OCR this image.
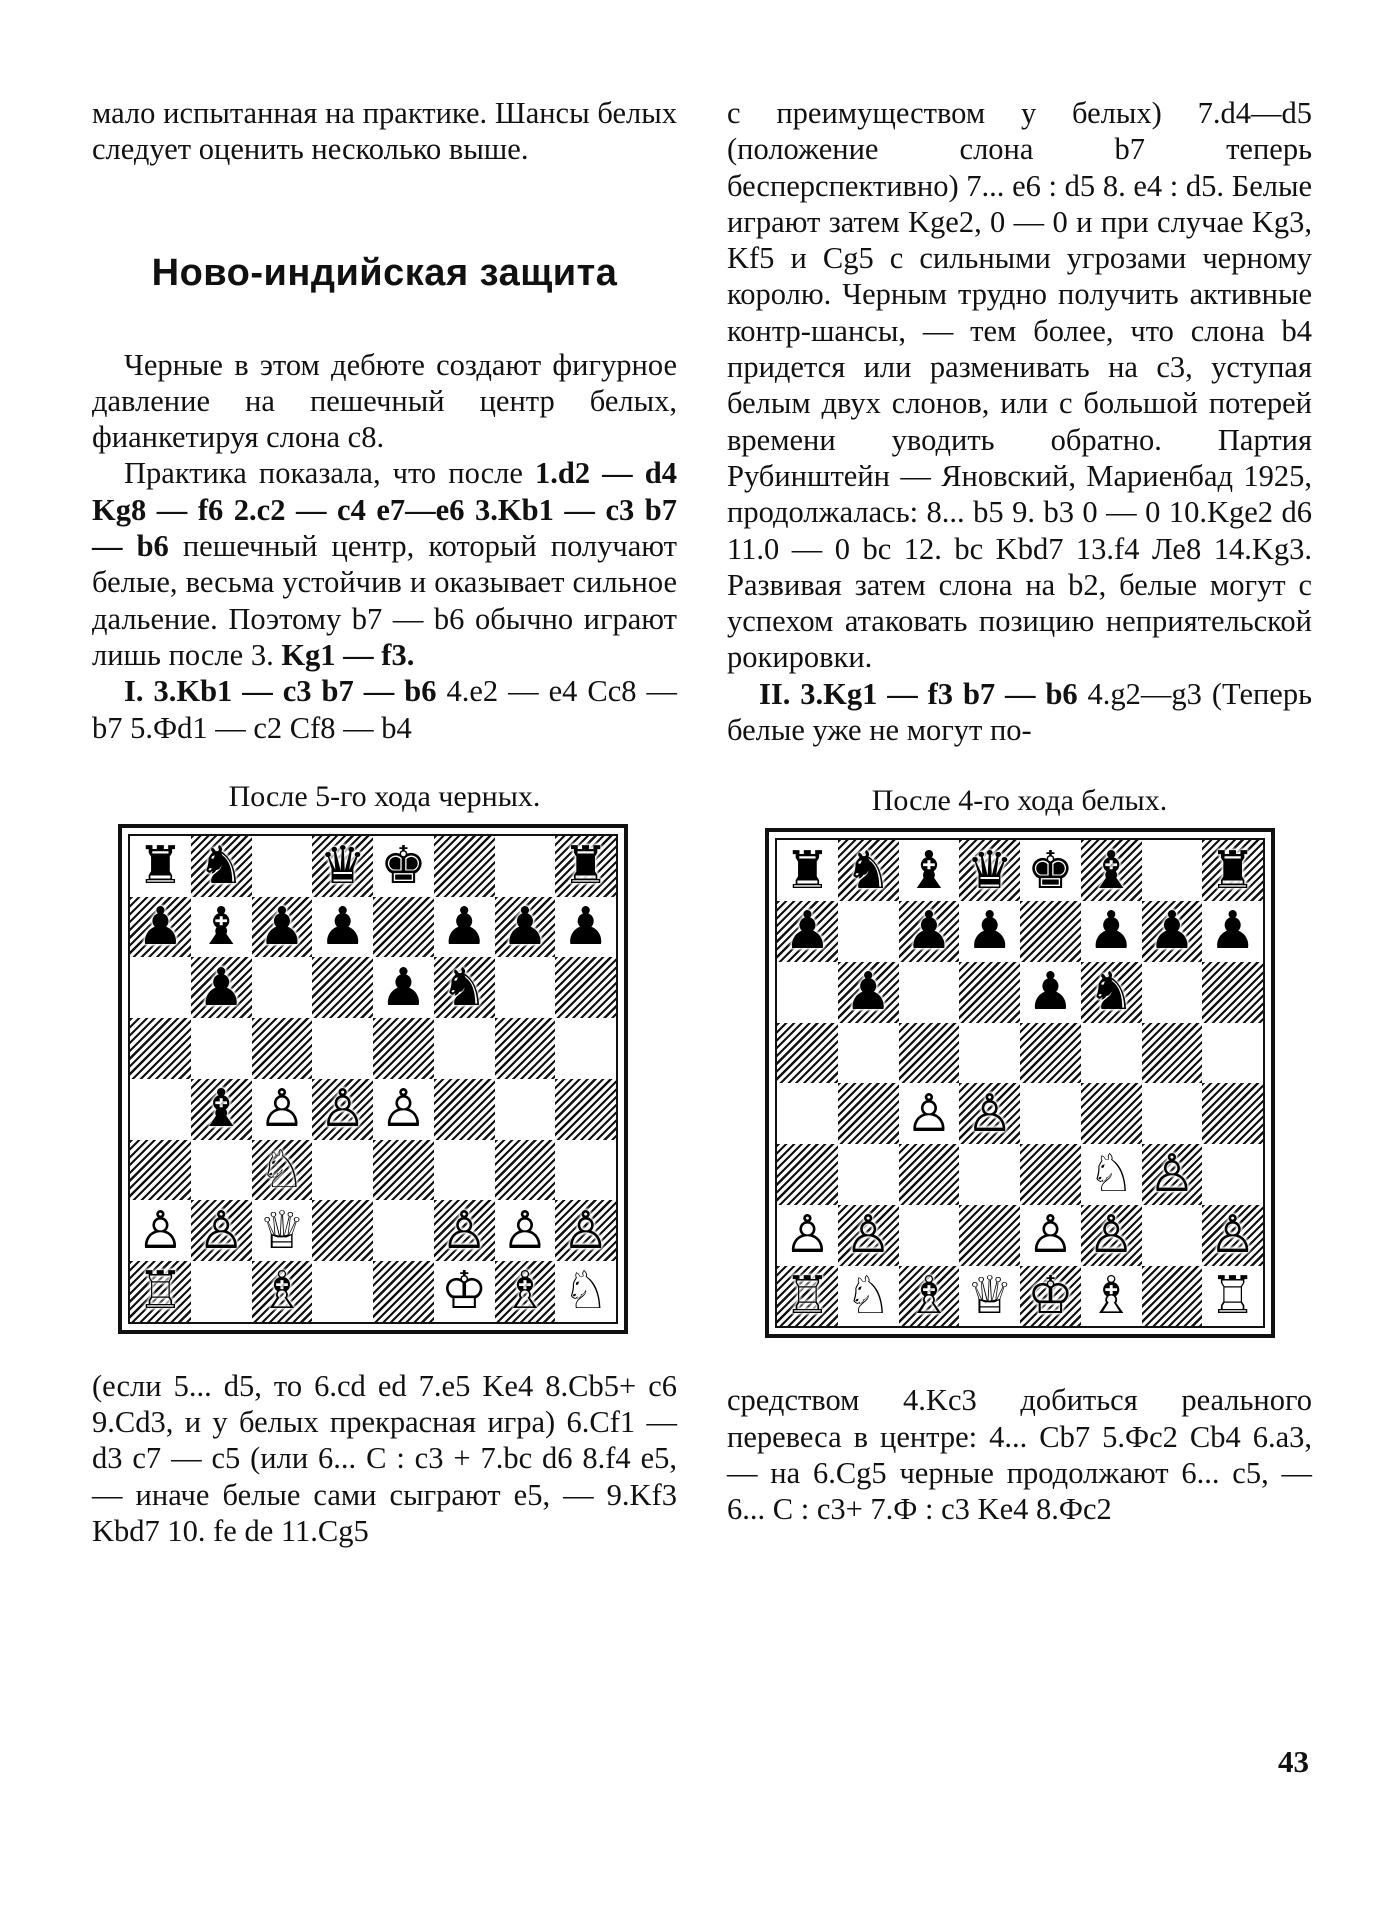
мало испытанная на практике. Шансы белых следует оценить несколько выше.

Ново-индийская защита

Черные в этом дебюте создают фигурное давление на пешечный центр белых, фианкетируя слона с8.

Практика показала, что после 1.d2 — d4 Kg8 — f6 2.c2 — c4 e7—e6 3.Kb1 — c3 b7 — b6 пешечный центр, который получают белые, весьма устойчив и оказывает сильное дальение. Поэтому b7 — b6 обычно играют лишь после 3. Kg1 — f3.

I. 3.Kb1 — c3 b7 — b6 4.e2 — e4 Cc8 — b7 5.Фd1 — c2 Cf8 — b4

После 5-го хода черных.

♜ ♞ ♛ ♚	♜
♟ ♝ ♟ ♟ ♟ ♟ ♟
♟	♟ ♞
♝ ♙ ♙ ♙
♘
♙ ♙ ♕	♙ ♙ ♙
♖ ♗	♔ ♗ ♘

(если 5... d5, то 6.cd ed 7.e5 Ke4 8.Cb5+ c6 9.Cd3, и у белых прекрасная игра) 6.Cf1 — d3 c7 — c5 (или 6... C : c3 + 7.bc d6 8.f4 e5, — иначе белые сами сыграют e5, — 9.Kf3 Kbd7 10. fe de 11.Cg5

с преимуществом у белых) 7.d4—d5 (положение слона b7 теперь бесперспективно) 7... e6 : d5 8. e4 : d5. Белые играют затем Kge2, 0 — 0 и при случае Kg3, Kf5 и Cg5 с сильными угрозами черному королю. Черным трудно получить активные контр-шансы, — тем более, что слона b4 придется или разменивать на c3, уступая белым двух слонов, или с большой потерей времени уводить обратно. Партия Рубинштейн — Яновский, Мариенбад 1925, продолжалась: 8... b5 9. b3 0 — 0 10.Kge2 d6 11.0 — 0 bc 12. bc Kbd7 13.f4 Ле8 14.Kg3. Развивая затем слона на b2, белые могут с успехом атаковать позицию неприятельской рокировки.

II. 3.Kg1 — f3 b7 — b6 4.g2—g3 (Теперь белые уже не могут по-

После 4-го хода белых.

♜ ♞ ♝ ♛ ♚ ♝ ♜
♟ ♟ ♟ ♟ ♟ ♟
♟	♟ ♞
♙ ♙
♘ ♙
♙ ♙	♙ ♙ ♙
♖ ♘ ♗ ♕ ♔ ♗ ♖

средством 4.Kc3 добиться реального перевеса в центре: 4... Cb7 5.Фc2 Cb4 6.a3, — на 6.Cg5 черные продолжают 6... c5, — 6... C : c3+ 7.Ф : c3 Ke4 8.Фc2

43
